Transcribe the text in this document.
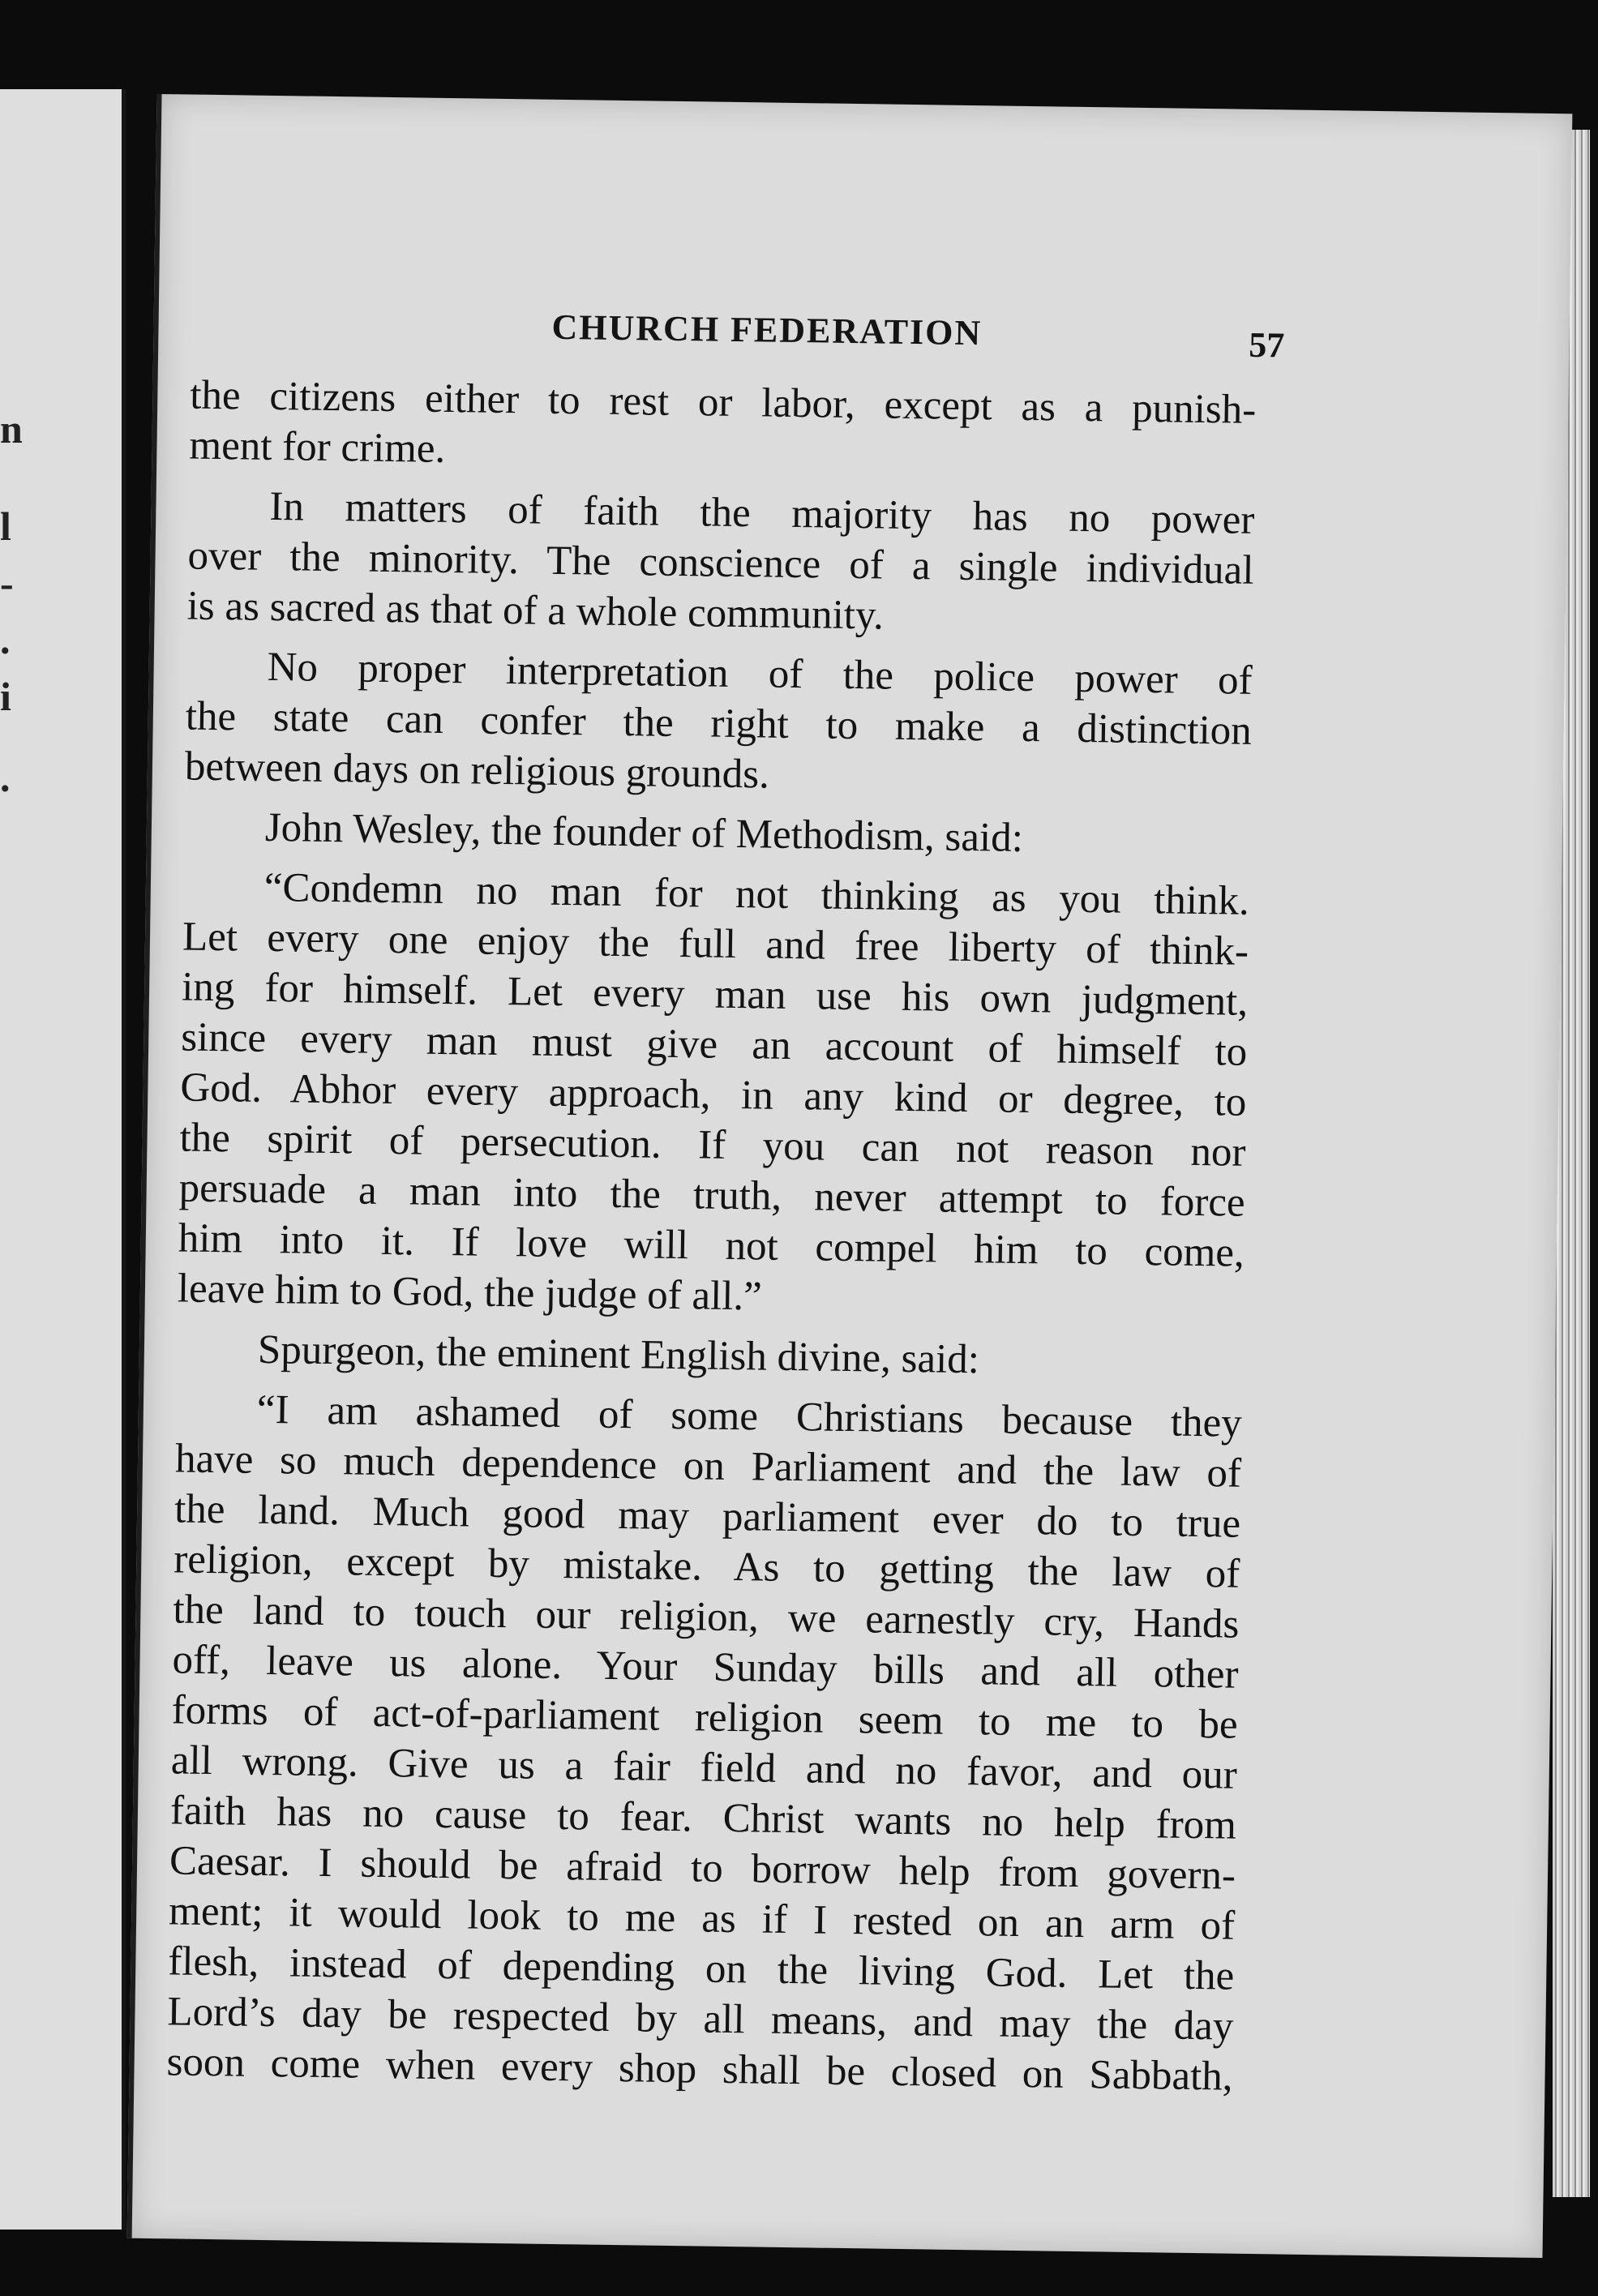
n
l
-
.
i
.
CHURCH FEDERATION	57
the citizens either to rest or labor, except as a punish-
ment for crime.
In matters of faith the majority has no power
over the minority. The conscience of a single individual
is as sacred as that of a whole community.
No proper interpretation of the police power of
the state can confer the right to make a distinction
between days on religious grounds.
John Wesley, the founder of Methodism, said:
“Condemn no man for not thinking as you think.
Let every one enjoy the full and free liberty of think-
ing for himself. Let every man use his own judgment,
since every man must give an account of himself to
God. Abhor every approach, in any kind or degree, to
the spirit of persecution. If you can not reason nor
persuade a man into the truth, never attempt to force
him into it. If love will not compel him to come,
leave him to God, the judge of all.”
Spurgeon, the eminent English divine, said:
“I am ashamed of some Christians because they
have so much dependence on Parliament and the law of
the land. Much good may parliament ever do to true
religion, except by mistake. As to getting the law of
the land to touch our religion, we earnestly cry, Hands
off, leave us alone. Your Sunday bills and all other
forms of act-of-parliament religion seem to me to be
all wrong. Give us a fair field and no favor, and our
faith has no cause to fear. Christ wants no help from
Caesar. I should be afraid to borrow help from govern-
ment; it would look to me as if I rested on an arm of
flesh, instead of depending on the living God. Let the
Lord’s day be respected by all means, and may the day
soon come when every shop shall be closed on Sabbath,
